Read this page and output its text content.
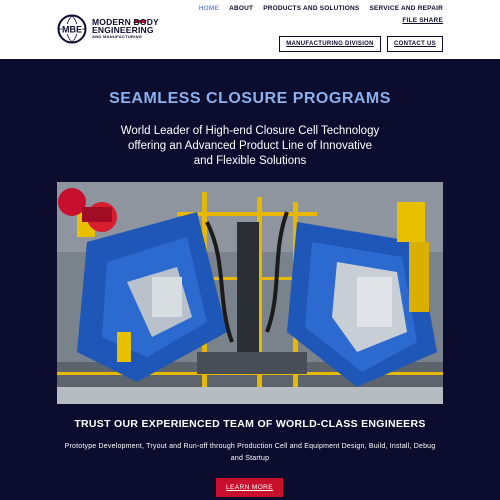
MBE
MODERN BODY
ENGINEERING
AND MANUFACTURING
HOME ABOUT PRODUCTS AND SOLUTIONS SERVICE AND REPAIR
FILE SHARE
MANUFACTURING DIVISION	CONTACT US
SEAMLESS CLOSURE PROGRAMS

World Leader of High-end Closure Cell Technology offering an Advanced Product Line of Innovative and Flexible Solutions

TRUST OUR EXPERIENCED TEAM OF WORLD-CLASS ENGINEERS

Prototype Development, Tryout and Run-off through Production Cell and Equipment Design, Build, Install, Debug and Startup

LEARN MORE
